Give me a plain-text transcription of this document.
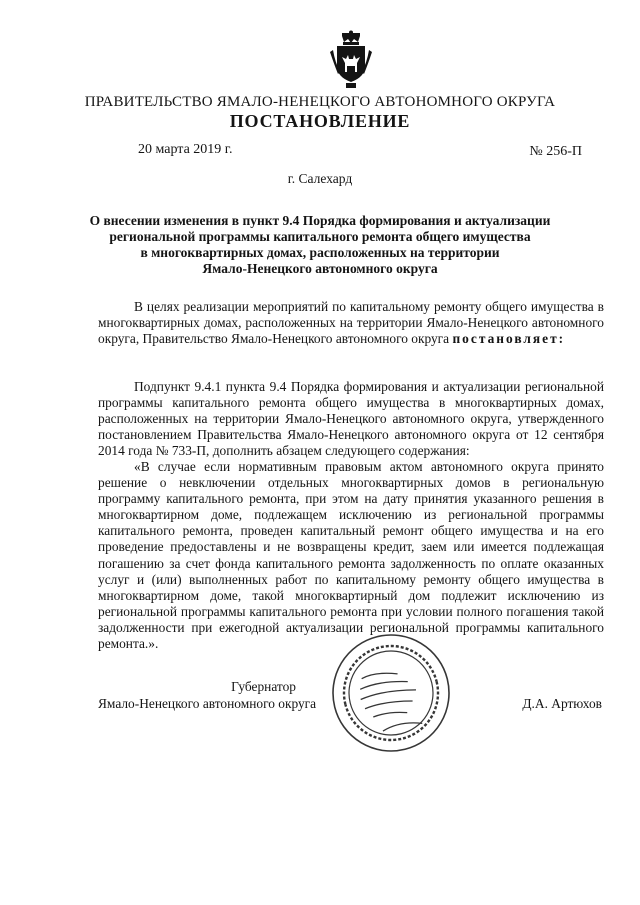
ПРАВИТЕЛЬСТВО ЯМАЛО-НЕНЕЦКОГО АВТОНОМНОГО ОКРУГА
ПОСТАНОВЛЕНИЕ
20 марта 2019 г.	№ 256-П
г. Салехард
О внесении изменения в пункт 9.4 Порядка формирования и актуализации
региональной программы капитального ремонта общего имущества
в многоквартирных домах, расположенных на территории
Ямало-Ненецкого автономного округа

В целях реализации мероприятий по капитальному ремонту общего имущества в многоквартирных домах, расположенных на территории Ямало-Ненецкого автономного округа, Правительство Ямало-Ненецкого автономного округа постановляет:

Подпункт 9.4.1 пункта 9.4 Порядка формирования и актуализации региональной программы капитального ремонта общего имущества в многоквартирных домах, расположенных на территории Ямало-Ненецкого автономного округа, утвержденного постановлением Правительства Ямало-Ненецкого автономного округа от 12 сентября 2014 года № 733-П, дополнить абзацем следующего содержания:

«В случае если нормативным правовым актом автономного округа принято решение о невключении отдельных многоквартирных домов в региональную программу капитального ремонта, при этом на дату принятия указанного решения в многоквартирном доме, подлежащем исключению из региональной программы капитального ремонта, проведен капитальный ремонт общего имущества и на его проведение предоставлены и не возвращены кредит, заем или имеется подлежащая погашению за счет фонда капитального ремонта задолженность по оплате оказанных услуг и (или) выполненных работ по капитальному ремонту общего имущества в многоквартирном доме, такой многоквартирный дом подлежит исключению из региональной программы капитального ремонта при условии полного погашения такой задолженности при ежегодной актуализации региональной программы капитального ремонта.».

Губернатор
Ямало-Ненецкого автономного округа	Д.А. Артюхов
